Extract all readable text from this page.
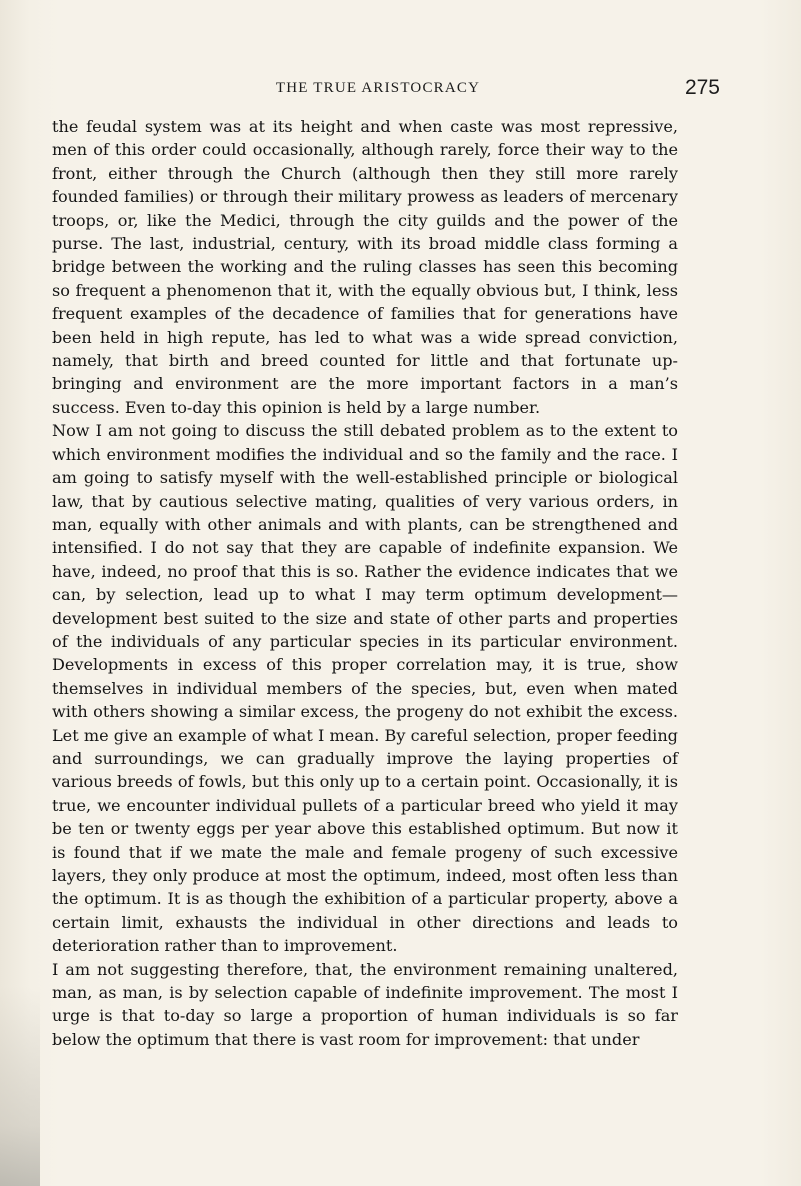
THE TRUE ARISTOCRACY	275

the feudal system was at its height and when caste was most repressive, men of this order could occasionally, although rarely, force their way to the front, either through the Church (although then they still more rarely founded families) or through their military prowess as leaders of mercenary troops, or, like the Medici, through the city guilds and the power of the purse. The last, industrial, century, with its broad middle class forming a bridge between the working and the ruling classes has seen this becoming so frequent a phenomenon that it, with the equally obvious but, I think, less frequent examples of the decadence of families that for generations have been held in high repute, has led to what was a wide spread conviction, namely, that birth and breed counted for little and that fortunate up-bringing and environment are the more important factors in a man’s success. Even to-day this opinion is held by a large number.

Now I am not going to discuss the still debated problem as to the extent to which environment modifies the individual and so the family and the race. I am going to satisfy myself with the well-established principle or biological law, that by cautious selective mating, qualities of very various orders, in man, equally with other animals and with plants, can be strengthened and intensified. I do not say that they are capable of indefinite expansion. We have, indeed, no proof that this is so. Rather the evidence indicates that we can, by selection, lead up to what I may term optimum development—development best suited to the size and state of other parts and properties of the individuals of any particular species in its particular environment. Developments in excess of this proper correlation may, it is true, show themselves in individual members of the species, but, even when mated with others showing a similar excess, the progeny do not exhibit the excess. Let me give an example of what I mean. By careful selection, proper feeding and surroundings, we can gradually improve the laying properties of various breeds of fowls, but this only up to a certain point. Occasionally, it is true, we encounter individual pullets of a particular breed who yield it may be ten or twenty eggs per year above this established optimum. But now it is found that if we mate the male and female progeny of such excessive layers, they only produce at most the optimum, indeed, most often less than the optimum. It is as though the exhibition of a particular property, above a certain limit, exhausts the individual in other directions and leads to deterioration rather than to improvement.

I am not suggesting therefore, that, the environment remaining unaltered, man, as man, is by selection capable of indefinite improvement. The most I urge is that to-day so large a proportion of human individuals is so far below the optimum that there is vast room for improvement: that under
